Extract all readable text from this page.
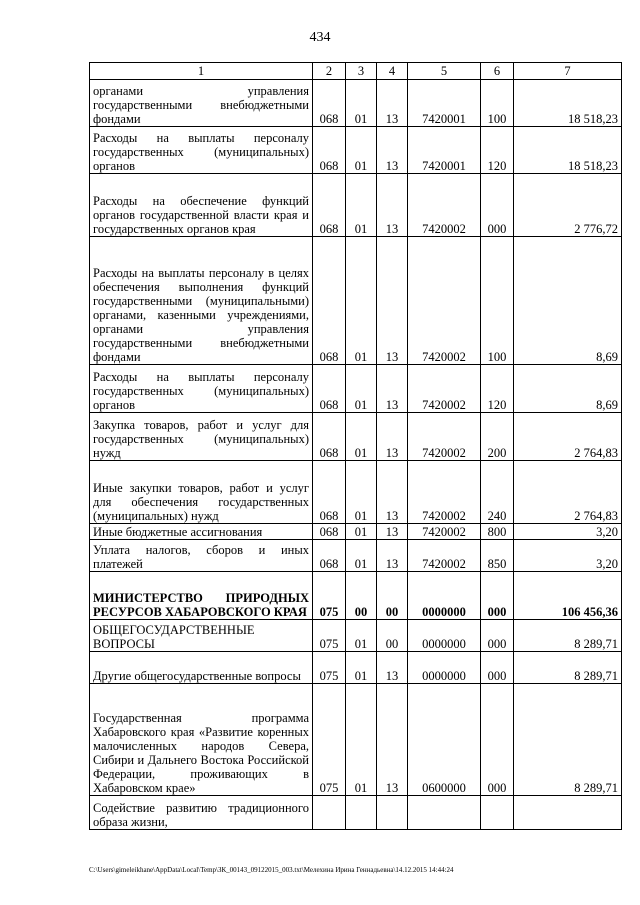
434
1	2	3	4	5	6	7
органами управления государственными внебюджетными фондами	068	01	13	7420001	100	18 518,23
Расходы на выплаты персоналу государственных (муниципальных) органов	068	01	13	7420001	120	18 518,23
Расходы на обеспечение функций органов государственной власти края и государственных органов края	068	01	13	7420002	000	2 776,72
Расходы на выплаты персоналу в целях обеспечения выполнения функций государственными (муниципальными) органами, казенными учреждениями, органами управления государственными внебюджетными фондами	068	01	13	7420002	100	8,69
Расходы на выплаты персоналу государственных (муниципальных) органов	068	01	13	7420002	120	8,69
Закупка товаров, работ и услуг для государственных (муниципальных) нужд	068	01	13	7420002	200	2 764,83
Иные закупки товаров, работ и услуг для обеспечения государственных (муниципальных) нужд	068	01	13	7420002	240	2 764,83
Иные бюджетные ассигнования	068	01	13	7420002	800	3,20
Уплата налогов, сборов и иных платежей	068	01	13	7420002	850	3,20
МИНИСТЕРСТВО ПРИРОДНЫХ РЕСУРСОВ ХАБАРОВСКОГО КРАЯ	075	00	00	0000000	000	106 456,36
ОБЩЕГОСУДАРСТВЕННЫЕ ВОПРОСЫ	075	01	00	0000000	000	8 289,71
Другие общегосударственные вопросы	075	01	13	0000000	000	8 289,71
Государственная программа Хабаровского края «Развитие коренных малочисленных народов Севера, Сибири и Дальнего Востока Российской Федерации, проживающих в Хабаровском крае»	075	01	13	0600000	000	8 289,71
Содействие развитию традиционного образа жизни,						
C:\Users\gimeleikhane\AppData\Local\Temp\ЗК_00143_09122015_003.txt\Мелехина Ирина Геннадьевна\14.12.2015 14:44:24
